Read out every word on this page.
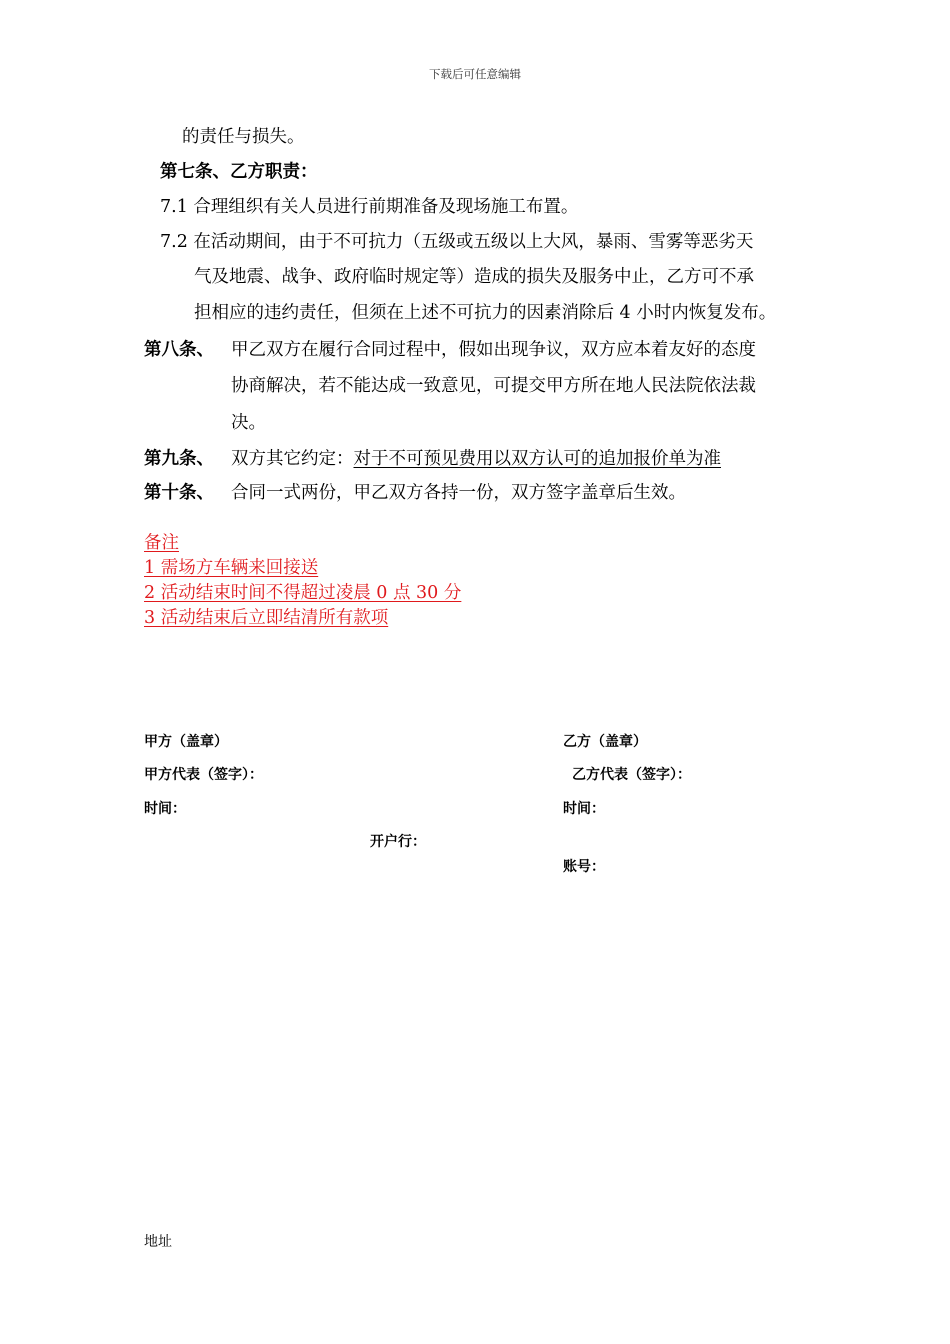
下载后可任意编辑
的责任与损失。
第七条、乙方职责：
7.1 合理组织有关人员进行前期准备及现场施工布置。
7.2 在活动期间，由于不可抗力（五级或五级以上大风，暴雨、雪雾等恶劣天
气及地震、战争、政府临时规定等）造成的损失及服务中止，乙方可不承
担相应的违约责任，但须在上述不可抗力的因素消除后 4 小时内恢复发布。
第八条、 甲乙双方在履行合同过程中，假如出现争议，双方应本着友好的态度
协商解决，若不能达成一致意见，可提交甲方所在地人民法院依法裁
决。
第九条、 双方其它约定：对于不可预见费用以双方认可的追加报价单为准
第十条、 合同一式两份，甲乙双方各持一份，双方签字盖章后生效。
备注
1 需场方车辆来回接送
2 活动结束时间不得超过凌晨 0 点 30 分
3 活动结束后立即结清所有款项
甲方（盖章）
甲方代表（签字）：
时间：
开户行：
乙方（盖章）
乙方代表（签字）：
时间：
账号：
地址
